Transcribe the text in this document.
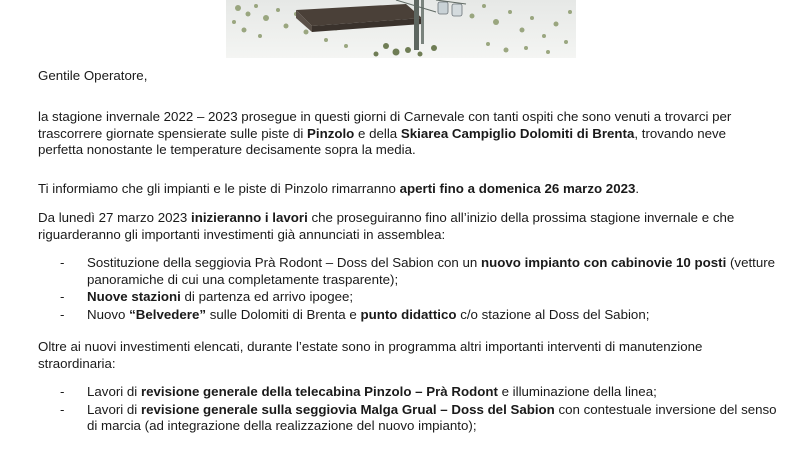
Gentile Operatore,

la stagione invernale 2022 – 2023 prosegue in questi giorni di Carnevale con tanti ospiti che sono venuti a trovarci per trascorrere giornate spensierate sulle piste di Pinzolo e della Skiarea Campiglio Dolomiti di Brenta, trovando neve perfetta nonostante le temperature decisamente sopra la media.

Ti informiamo che gli impianti e le piste di Pinzolo rimarranno aperti fino a domenica 26 marzo 2023.

Da lunedì 27 marzo 2023 inizieranno i lavori che proseguiranno fino all’inizio della prossima stagione invernale e che riguarderanno gli importanti investimenti già annunciati in assemblea:

- Sostituzione della seggiovia Prà Rodont – Doss del Sabion con un nuovo impianto con cabinovie 10 posti (vetture panoramiche di cui una completamente trasparente);
- Nuove stazioni di partenza ed arrivo ipogee;
- Nuovo “Belvedere” sulle Dolomiti di Brenta e punto didattico c/o stazione al Doss del Sabion;

Oltre ai nuovi investimenti elencati, durante l’estate sono in programma altri importanti interventi di manutenzione straordinaria:

- Lavori di revisione generale della telecabina Pinzolo – Prà Rodont e illuminazione della linea;
- Lavori di revisione generale sulla seggiovia Malga Grual – Doss del Sabion con contestuale inversione del senso di marcia (ad integrazione della realizzazione del nuovo impianto);
